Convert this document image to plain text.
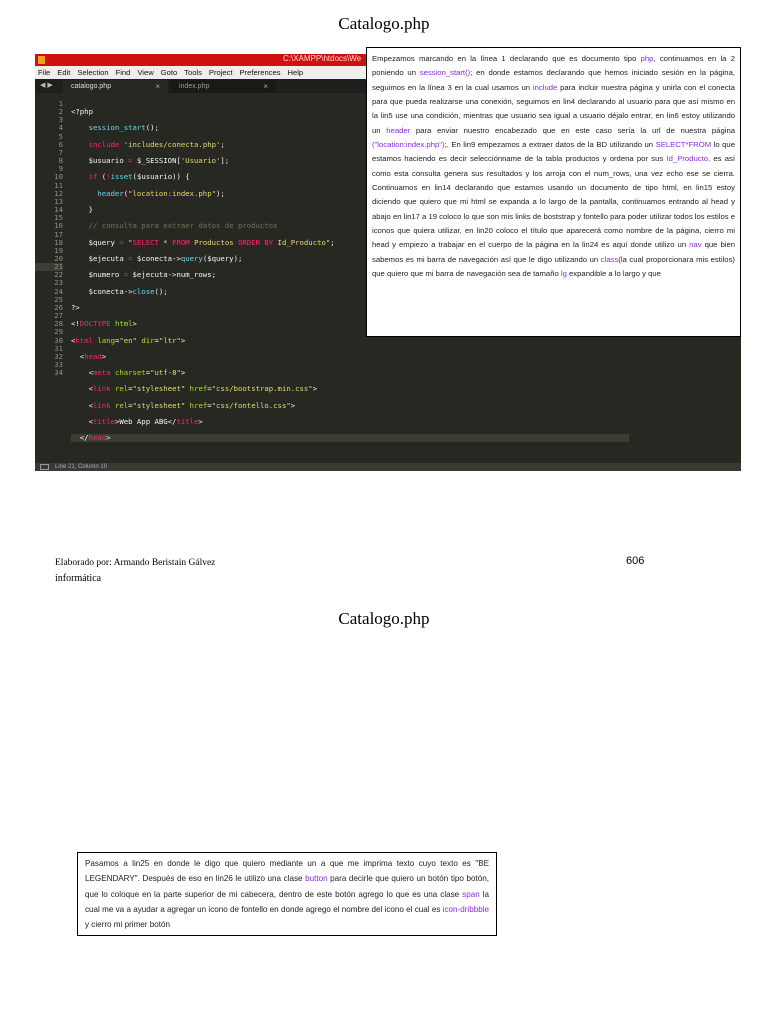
Catalogo.php
C:\XAMPP\htdocs\We
File Edit Selection Find View Goto Tools Project Preferences Help
◀ ▶	catalogo.php	×	index.php	×
1
2
3
4
5
6
7
8
9
10
11
12
13
14
15
16
17
18
19
20
21
22
23
24
25
26
27
28
29
30
31
32
33
34

<?php

session_start();

include 'includes/conecta.php';

$usuario = $_SESSION['Usuario'];

if (!isset($usuario)) {

header("location:index.php");

}

// consulta para extraer datos de productos

$query = "SELECT * FROM Productos ORDER BY Id_Producto";

$ejecuta = $conecta->query($query);

$numero = $ejecuta->num_rows;

$conecta->close();

?>

<!DOCTYPE html>

<html lang="en" dir="ltr">

<head>

<meta charset="utf-8">

<link rel="stylesheet" href="css/bootstrap.min.css">

<link rel="stylesheet" href="css/fontello.css">

<title>Web App ABG</title>

</head>

Line 21, Column 10
Empezamos marcando en la línea 1 declarando que es documento tipo php, continuamos en la 2 poniendo un session_start(); en donde estamos declarando que hemos iniciado sesión en la página, seguimos en la línea 3 en la cual usamos un include para incluir nuestra página y unirla con el conecta para que pueda realizarse una conexión, seguimos en lin4 declarando al usuario para que así mismo en la lin5 use una condición, mientras que usuario sea igual a usuario déjalo entrar, en lin6 estoy utilizando un header para enviar nuestro encabezado que en este caso sería la url de nuestra página ("location:index.php");. En lin9 empezamos a extraer datos de la BD utilizando un SELECT*FROM lo que estamos haciendo es decir selecciónname de la tabla productos y ordena por sus Id_Producto, es así como esta consulta genera sus resultados y los arroja con el num_rows, una vez echo ese se cierra. Continuamos en lin14 declarando que estamos usando un documento de tipo html, en lin15 estoy diciendo que quiero que mi html se expanda a lo largo de la pantalla, continuamos entrando al head y abajo en lin17 a 19 coloco lo que son mis links de boststrap y fontello para poder utilizar todos los estilos e iconos que quiera utilizar, en lin20 coloco el título que aparecerá como nombre de la página, cierro mi head y empiezo a trabajar en el cuerpo de la página en la lin24 es aquí donde utilizo un nav que bien sabemos es mi barra de navegación así que le digo utilizando un class(la cual proporcionara mis estilos) que quiero que mi barra de navegación sea de tamaño lg expandible a lo largo y que
Elaborado por: Armando Beristain Gálvez
informática
606
Catalogo.php
Pasamos a lin25 en donde le digo que quiero mediante un a que me imprima texto cuyo texto es "BE LEGENDARY". Después de eso en lin26 le utilizo una clase button para decirle que quiero un botón tipo botón, que lo coloque en la parte superior de mi cabecera, dentro de este botón agrego lo que es una clase span la cual me va a ayudar a agregar un icono de fontello en donde agrego el nombre del icono el cual es icon-dribbble y cierro mi primer botón
